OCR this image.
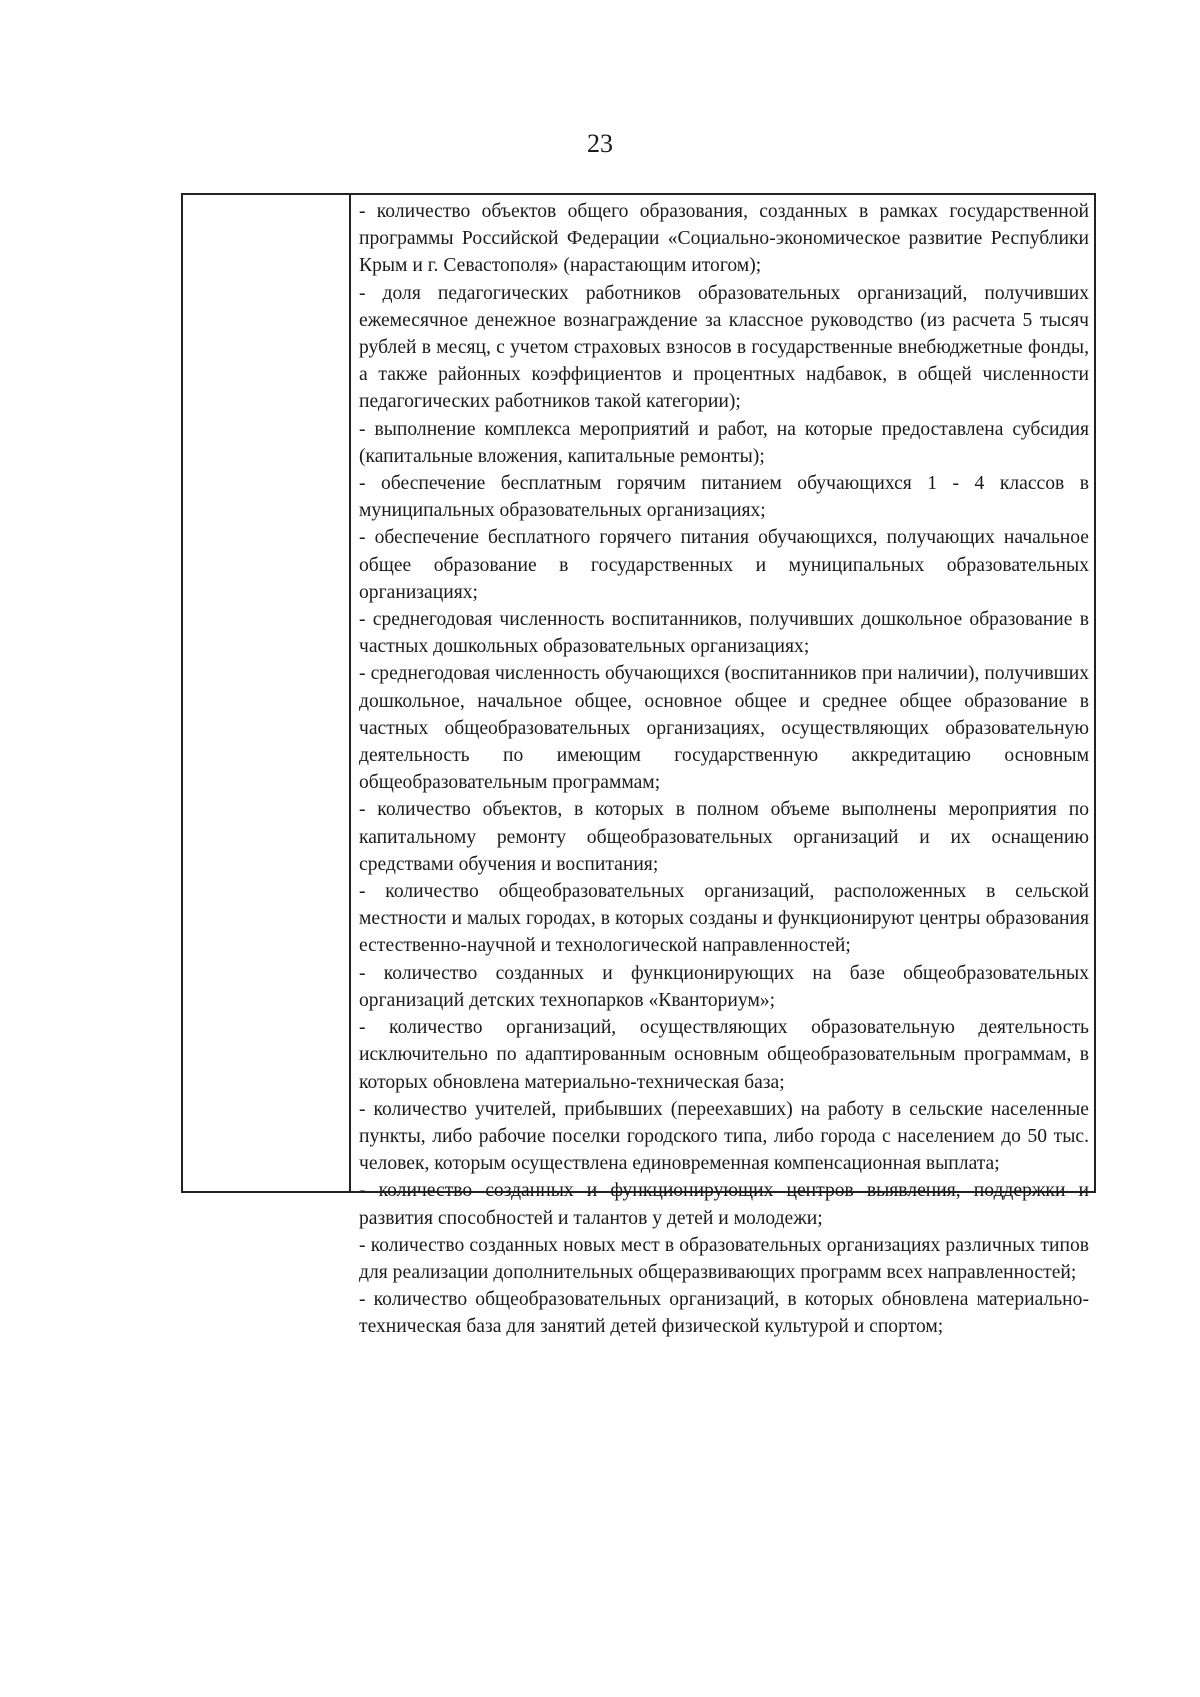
23

- количество объектов общего образования, созданных в рамках государственной программы Российской Федерации «Социально-экономическое развитие Республики Крым и г. Севастополя» (нарастающим итогом);

- доля педагогических работников образовательных организаций, получивших ежемесячное денежное вознаграждение за классное руководство (из расчета 5 тысяч рублей в месяц, с учетом страховых взносов в государственные внебюджетные фонды, а также районных коэффициентов и процентных надбавок, в общей численности педагогических работников такой категории);

- выполнение комплекса мероприятий и работ, на которые предоставлена субсидия (капитальные вложения, капитальные ремонты);

- обеспечение бесплатным горячим питанием обучающихся 1 - 4 классов в муниципальных образовательных организациях;

- обеспечение бесплатного горячего питания обучающихся, получающих начальное общее образование в государственных и муниципальных образовательных организациях;

- среднегодовая численность воспитанников, получивших дошкольное образование в частных дошкольных образовательных организациях;

- среднегодовая численность обучающихся (воспитанников при наличии), получивших дошкольное, начальное общее, основное общее и среднее общее образование в частных общеобразовательных организациях, осуществляющих образовательную деятельность по имеющим государственную аккредитацию основным общеобразовательным программам;

- количество объектов, в которых в полном объеме выполнены мероприятия по капитальному ремонту общеобразовательных организаций и их оснащению средствами обучения и воспитания;

- количество общеобразовательных организаций, расположенных в сельской местности и малых городах, в которых созданы и функционируют центры образования естественно-научной и технологической направленностей;

- количество созданных и функционирующих на базе общеобразовательных организаций детских технопарков «Кванториум»;

- количество организаций, осуществляющих образовательную деятельность исключительно по адаптированным основным общеобразовательным программам, в которых обновлена материально-техническая база;

- количество учителей, прибывших (переехавших) на работу в сельские населенные пункты, либо рабочие поселки городского типа, либо города с населением до 50 тыс. человек, которым осуществлена единовременная компенсационная выплата;

- количество созданных и функционирующих центров выявления, поддержки и развития способностей и талантов у детей и молодежи;

- количество созданных новых мест в образовательных организациях различных типов для реализации дополнительных общеразвивающих программ всех направленностей;

- количество общеобразовательных организаций, в которых обновлена материально-техническая база для занятий детей физической культурой и спортом;
